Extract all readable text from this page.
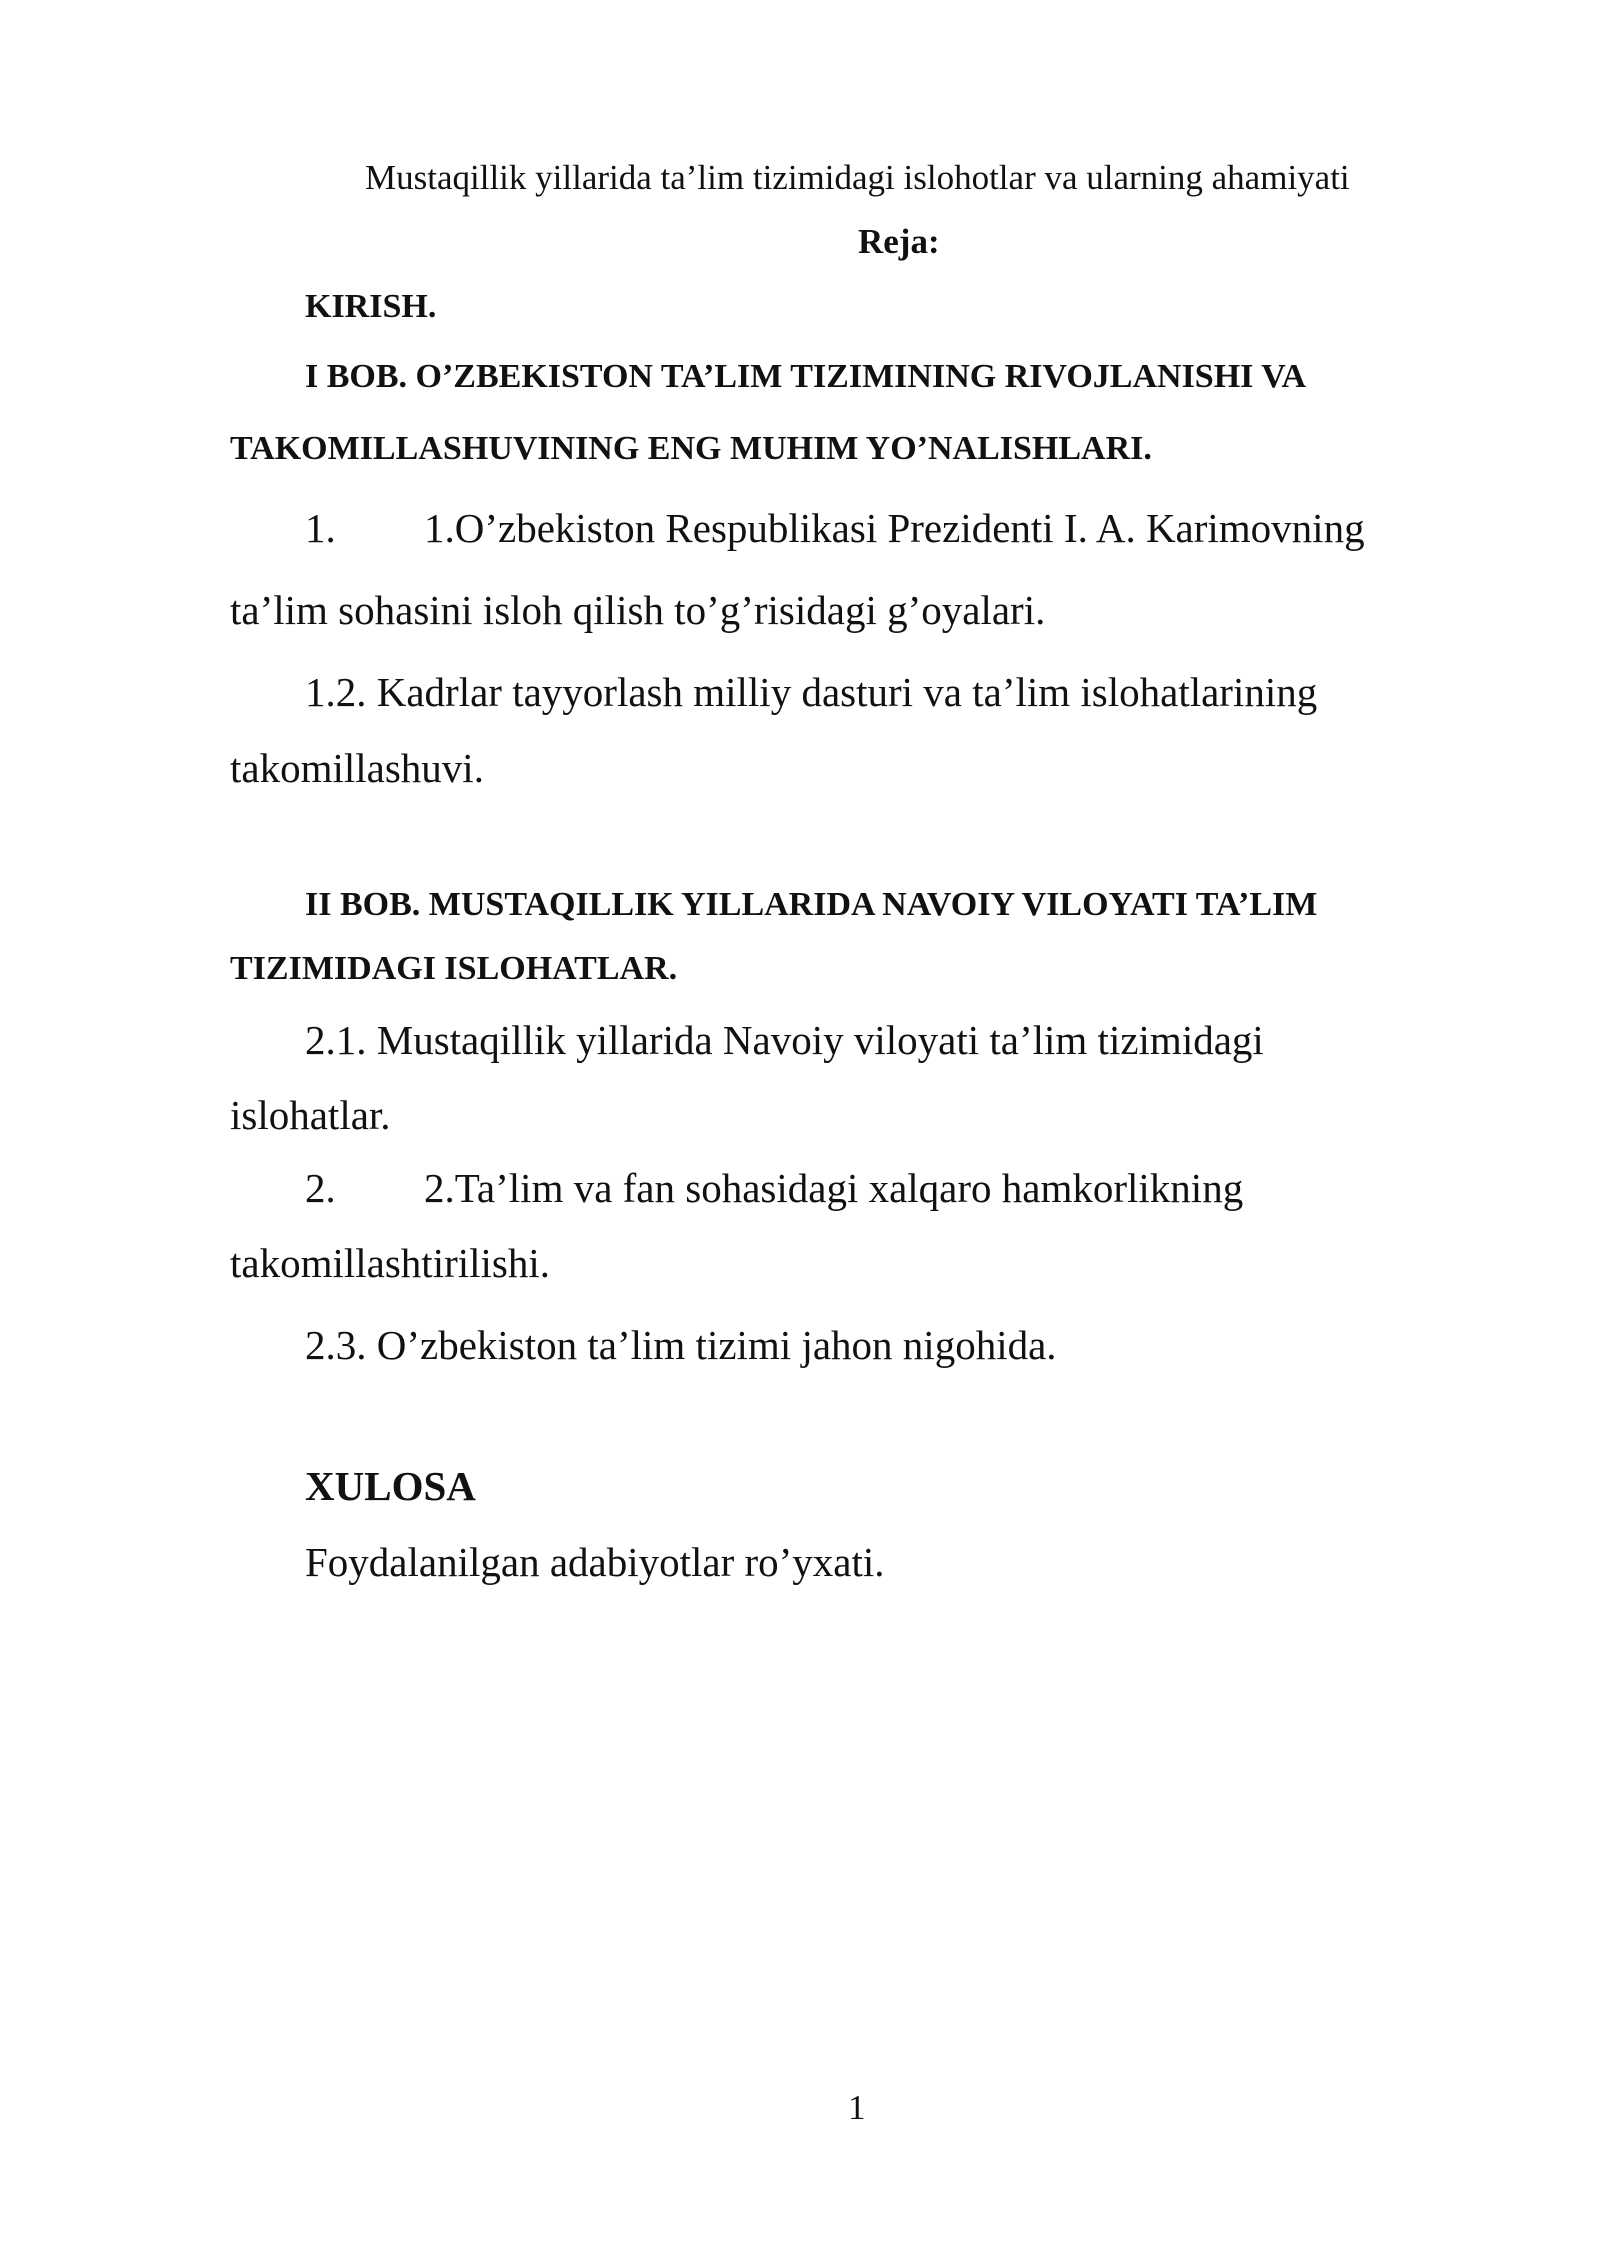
Mustaqillik yillarida ta’lim tizimidagi islohotlar va ularning ahamiyati
Reja:
KIRISH.
I BOB. O’ZBEKISTON TA’LIM TIZIMINING RIVOJLANISHI VA
TAKOMILLASHUVINING ENG MUHIM YO’NALISHLARI.
1. 1.O’zbekiston Respublikasi Prezidenti I. A. Karimovning
ta’lim sohasini isloh qilish to’g’risidagi g’oyalari.
1.2. Kadrlar tayyorlash milliy dasturi va ta’lim islohatlarining
takomillashuvi.
II BOB. MUSTAQILLIK YILLARIDA NAVOIY VILOYATI TA’LIM
TIZIMIDAGI ISLOHATLAR.
2.1. Mustaqillik yillarida Navoiy viloyati ta’lim tizimidagi
islohatlar.
2. 2.Ta’lim va fan sohasidagi xalqaro hamkorlikning
takomillashtirilishi.
2.3. O’zbekiston ta’lim tizimi jahon nigohida.
XULOSA
Foydalanilgan adabiyotlar ro’yxati.
1
